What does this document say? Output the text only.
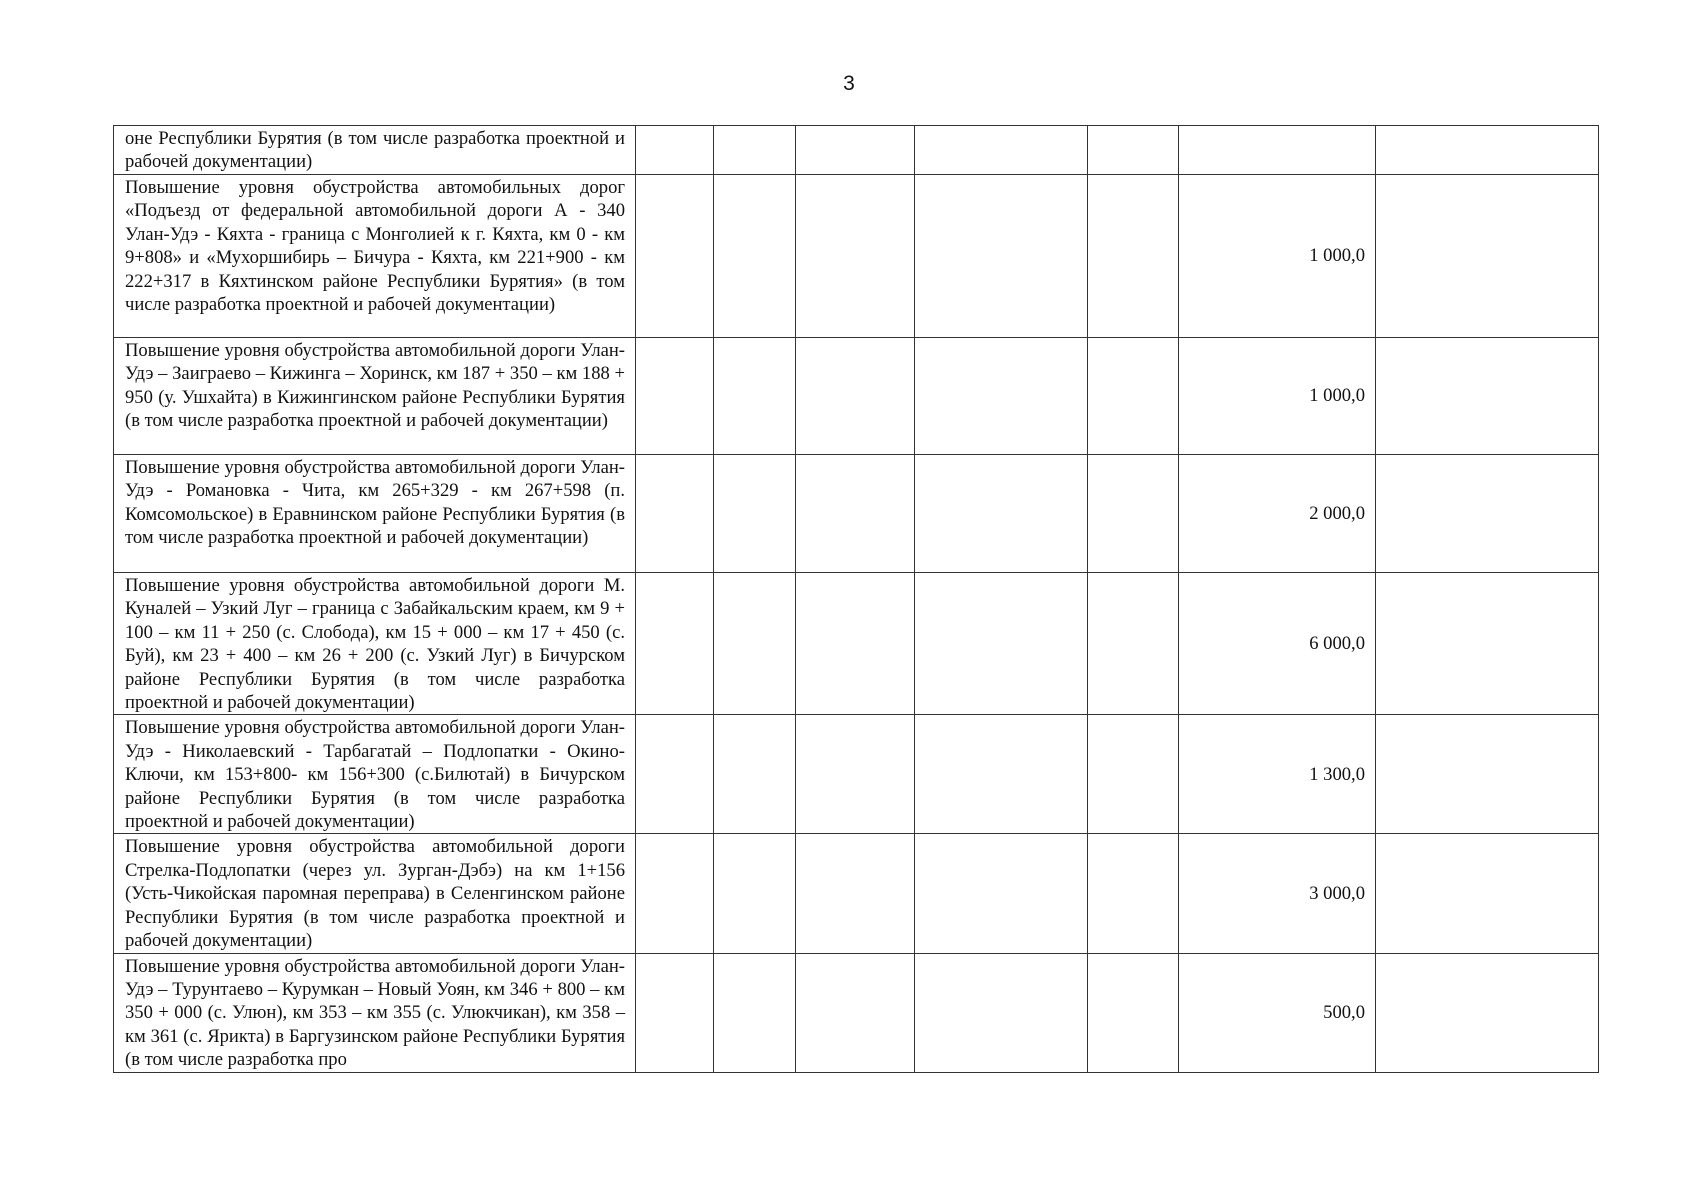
3
оне Республики Бурятия (в том числе разработка проектной и рабочей документации)							
Повышение уровня обустройства автомобильных дорог «Подъезд от федеральной автомобильной дороги А - 340 Улан-Удэ - Кяхта - граница с Монголией к г. Кяхта, км 0 - км 9+808» и «Мухоршибирь – Бичура - Кяхта, км 221+900 - км 222+317 в Кяхтинском районе Республики Бурятия» (в том числе разработка проектной и рабочей документации)						1 000,0	
Повышение уровня обустройства автомобильной дороги Улан-Удэ – Заиграево – Кижинга – Хоринск, км 187 + 350 – км 188 + 950 (у. Ушхайта) в Кижингинском районе Республики Бурятия (в том числе разработка проектной и рабочей документации)						1 000,0	
Повышение уровня обустройства автомобильной дороги Улан-Удэ - Романовка - Чита, км 265+329 - км 267+598 (п. Комсомольское) в Еравнинском районе Республики Бурятия (в том числе разработка проектной и рабочей документации)						2 000,0	
Повышение уровня обустройства автомобильной дороги М. Куналей – Узкий Луг – граница с Забайкальским краем, км 9 + 100 – км 11 + 250 (с. Слобода), км 15 + 000 – км 17 + 450 (с. Буй), км 23 + 400 – км 26 + 200 (с. Узкий Луг) в Бичурском районе Республики Бурятия (в том числе разработка проектной и рабочей документации)						6 000,0	
Повышение уровня обустройства автомобильной дороги Улан-Удэ - Николаевский - Тарбагатай – Подлопатки - Окино-Ключи, км 153+800- км 156+300 (с.Билютай) в Бичурском районе Республики Бурятия (в том числе разработка проектной и рабочей документации)						1 300,0	
Повышение уровня обустройства автомобильной дороги Стрелка-Подлопатки (через ул. Зурган-Дэбэ) на км 1+156 (Усть-Чикойская паромная переправа) в Селенгинском районе Республики Бурятия (в том числе разработка проектной и рабочей документации)						3 000,0	
Повышение уровня обустройства автомобильной дороги Улан-Удэ – Турунтаево – Курумкан – Новый Уоян, км 346 + 800 – км 350 + 000 (с. Улюн), км 353 – км 355 (с. Улюкчикан), км 358 – км 361 (с. Ярикта) в Баргузинском районе Республики Бурятия (в том числе разработка про						500,0	
